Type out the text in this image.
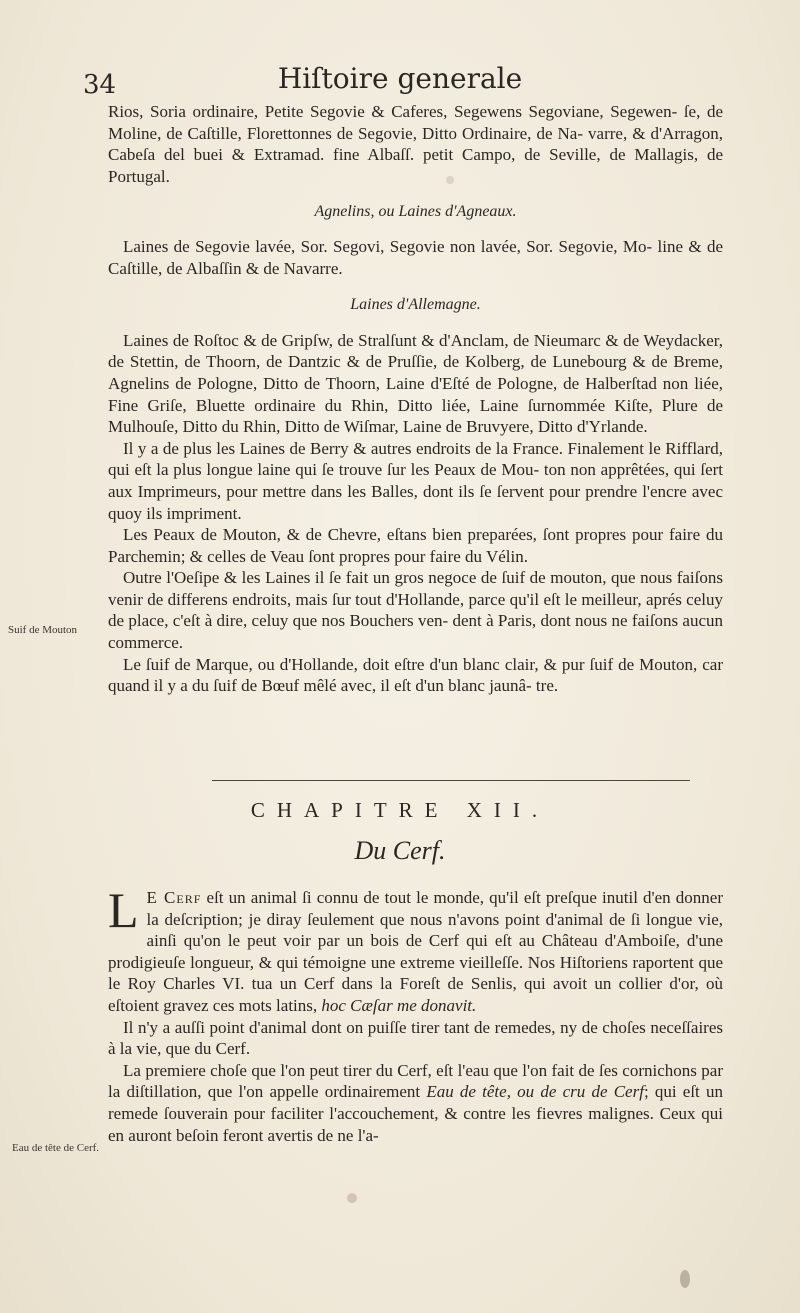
34	Hiſtoire generale

Rios, Soria ordinaire, Petite Segovie & Caferes, Segewens Segoviane, Segewen- ſe, de Moline, de Caſtille, Florettonnes de Segovie, Ditto Ordinaire, de Na- varre, & d'Arragon, Cabeſa del buei & Extramad. fine Albaſſ. petit Campo, de Seville, de Mallagis, de Portugal.

Agnelins, ou Laines d'Agneaux.

Laines de Segovie lavée, Sor. Segovi, Segovie non lavée, Sor. Segovie, Mo- line & de Caſtille, de Albaſſin & de Navarre.

Laines d'Allemagne.

Laines de Roſtoc & de Gripſw, de Stralſunt & d'Anclam, de Nieumarc & de Weydacker, de Stettin, de Thoorn, de Dantzic & de Pruſſie, de Kolberg, de Lunebourg & de Breme, Agnelins de Pologne, Ditto de Thoorn, Laine d'Eſté de Pologne, de Halberſtad non liée, Fine Griſe, Bluette ordinaire du Rhin, Ditto liée, Laine ſurnommée Kiſte, Plure de Mulhouſe, Ditto du Rhin, Ditto de Wiſmar, Laine de Bruvyere, Ditto d'Yrlande.

Il y a de plus les Laines de Berry & autres endroits de la France. Finalement le Rifflard, qui eſt la plus longue laine qui ſe trouve ſur les Peaux de Mou- ton non apprêtées, qui ſert aux Imprimeurs, pour mettre dans les Balles, dont ils ſe ſervent pour prendre l'encre avec quoy ils impriment.

Les Peaux de Mouton, & de Chevre, eſtans bien preparées, ſont propres pour faire du Parchemin; & celles de Veau ſont propres pour faire du Vélin.

Outre l'Oeſipe & les Laines il ſe fait un gros negoce de ſuif de mouton, que nous faiſons venir de differens endroits, mais ſur tout d'Hollande, parce qu'il eſt le meilleur, aprés celuy de place, c'eſt à dire, celuy que nos Bouchers ven- dent à Paris, dont nous ne faiſons aucun commerce.

Le ſuif de Marque, ou d'Hollande, doit eſtre d'un blanc clair, & pur ſuif de Mouton, car quand il y a du ſuif de Bœuf mêlé avec, il eſt d'un blanc jaunâ- tre.

Suif de Mouton
CHAPITRE XII.
Du Cerf.

L E Cerf eſt un animal ſi connu de tout le monde, qu'il eſt preſque inutil d'en donner la deſcription; je diray ſeulement que nous n'avons point d'animal de ſi longue vie, ainſi qu'on le peut voir par un bois de Cerf qui eſt au Château d'Amboiſe, d'une prodigieuſe longueur, & qui témoigne une extreme vieilleſſe. Nos Hiſtoriens raportent que le Roy Charles VI. tua un Cerf dans la Foreſt de Senlis, qui avoit un collier d'or, où eſtoient gravez ces mots latins, hoc Cæſar me donavit.

Il n'y a auſſi point d'animal dont on puiſſe tirer tant de remedes, ny de choſes neceſſaires à la vie, que du Cerf.

La premiere choſe que l'on peut tirer du Cerf, eſt l'eau que l'on fait de ſes cornichons par la diſtillation, que l'on appelle ordinairement Eau de tête, ou de cru de Cerf; qui eſt un remede ſouverain pour faciliter l'accouchement, & contre les fievres malignes. Ceux qui en auront beſoin feront avertis de ne l'a-

Eau de tête de Cerf.
